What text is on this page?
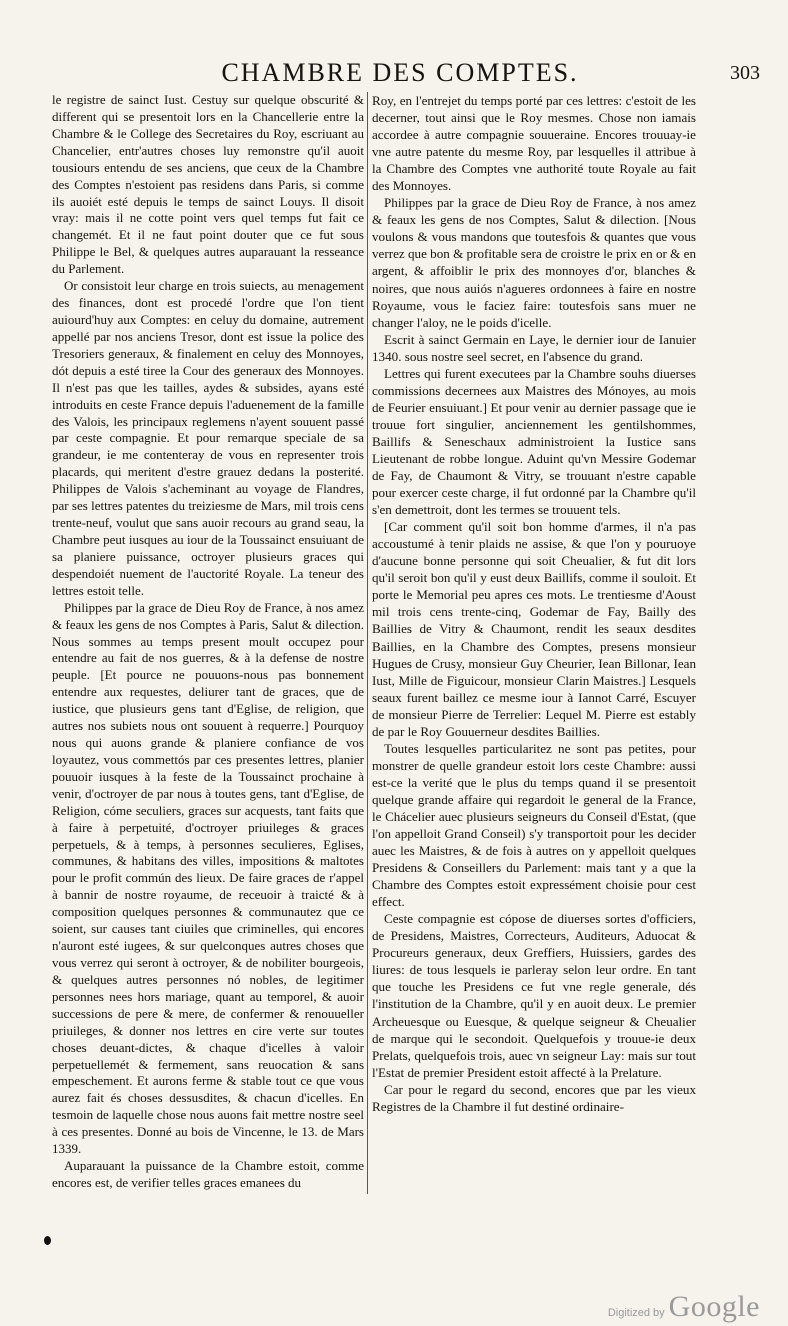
CHAMBRE DES COMPTES.	303

le registre de sainct Iust. Cestuy sur quelque obscurité & different qui se presentoit lors en la Chancellerie entre la Chambre & le College des Secretaires du Roy, escriuant au Chancelier, entr'autres choses luy remonstre qu'il auoit tousiours entendu de ses anciens, que ceux de la Chambre des Comptes n'estoient pas residens dans Paris, si comme ils auoiét esté depuis le temps de sainct Louys. Il disoit vray: mais il ne cotte point vers quel temps fut fait ce changemét. Et il ne faut point douter que ce fut sous Philippe le Bel, & quelques autres auparauant la resseance du Parlement.

Or consistoit leur charge en trois suiects, au menagement des finances, dont est procedé l'ordre que l'on tient auiourd'huy aux Comptes: en celuy du domaine, autrement appellé par nos anciens Tresor, dont est issue la police des Tresoriers generaux, & finalement en celuy des Monnoyes, dót depuis a esté tiree la Cour des generaux des Monnoyes. Il n'est pas que les tailles, aydes & subsides, ayans esté introduits en ceste France depuis l'aduenement de la famille des Valois, les principaux reglemens n'ayent souuent passé par ceste compagnie. Et pour remarque speciale de sa grandeur, ie me contenteray de vous en representer trois placards, qui meritent d'estre grauez dedans la posterité. Philippes de Valois s'acheminant au voyage de Flandres, par ses lettres patentes du treiziesme de Mars, mil trois cens trente-neuf, voulut que sans auoir recours au grand seau, la Chambre peut iusques au iour de la Toussainct ensuiuant de sa planiere puissance, octroyer plusieurs graces qui despendoiét nuement de l'auctorité Royale. La teneur des lettres estoit telle.

Philippes par la grace de Dieu Roy de France, à nos amez & feaux les gens de nos Comptes à Paris, Salut & dilection. Nous sommes au temps present moult occupez pour entendre au fait de nos guerres, & à la defense de nostre peuple. [Et pource ne pouuons-nous pas bonnement entendre aux requestes, deliurer tant de graces, que de iustice, que plusieurs gens tant d'Eglise, de religion, que autres nos subiets nous ont souuent à requerre.] Pourquoy nous qui auons grande & planiere confiance de vos loyautez, vous commettós par ces presentes lettres, planier pouuoir iusques à la feste de la Toussainct prochaine à venir, d'octroyer de par nous à toutes gens, tant d'Eglise, de Religion, cóme seculiers, graces sur acquests, tant faits que à faire à perpetuité, d'octroyer priuileges & graces perpetuels, & à temps, à personnes seculieres, Eglises, communes, & habitans des villes, impositions & maltotes pour le profit commún des lieux. De faire graces de r'appel à bannir de nostre royaume, de receuoir à traicté & à composition quelques personnes & communautez que ce soient, sur causes tant ciuiles que criminelles, qui encores n'auront esté iugees, & sur quelconques autres choses que vous verrez qui seront à octroyer, & de nobiliter bourgeois, & quelques autres personnes nó nobles, de legitimer personnes nees hors mariage, quant au temporel, & auoir successions de pere & mere, de confermer & renouueller priuileges, & donner nos lettres en cire verte sur toutes choses deuant-dictes, & chaque d'icelles à valoir perpetuellemét & fermement, sans reuocation & sans empeschement. Et aurons ferme & stable tout ce que vous aurez fait és choses dessusdites, & chacun d'icelles. En tesmoin de laquelle chose nous auons fait mettre nostre seel à ces presentes. Donné au bois de Vincenne, le 13. de Mars 1339.

Auparauant la puissance de la Chambre estoit, comme encores est, de verifier telles graces emanees du

Roy, en l'entrejet du temps porté par ces lettres: c'estoit de les decerner, tout ainsi que le Roy mesmes. Chose non iamais accordee à autre compagnie souueraine. Encores trouuay-ie vne autre patente du mesme Roy, par lesquelles il attribue à la Chambre des Comptes vne authorité toute Royale au fait des Monnoyes.

Philippes par la grace de Dieu Roy de France, à nos amez & feaux les gens de nos Comptes, Salut & dilection. [Nous voulons & vous mandons que toutesfois & quantes que vous verrez que bon & profitable sera de croistre le prix en or & en argent, & affoiblir le prix des monnoyes d'or, blanches & noires, que nous auiós n'agueres ordonnees à faire en nostre Royaume, vous le faciez faire: toutesfois sans muer ne changer l'aloy, ne le poids d'icelle.

Escrit à sainct Germain en Laye, le dernier iour de Ianuier 1340. sous nostre seel secret, en l'absence du grand.

Lettres qui furent executees par la Chambre souhs diuerses commissions decernees aux Maistres des Mónoyes, au mois de Feurier ensuiuant.] Et pour venir au dernier passage que ie trouue fort singulier, anciennement les gentilshommes, Baillifs & Seneschaux administroient la Iustice sans Lieutenant de robbe longue. Aduint qu'vn Messire Godemar de Fay, de Chaumont & Vitry, se trouuant n'estre capable pour exercer ceste charge, il fut ordonné par la Chambre qu'il s'en demettroit, dont les termes se trouuent tels.

[Car comment qu'il soit bon homme d'armes, il n'a pas accoustumé à tenir plaids ne assise, & que l'on y pouruoye d'aucune bonne personne qui soit Cheualier, & fut dit lors qu'il seroit bon qu'il y eust deux Baillifs, comme il souloit. Et porte le Memorial peu apres ces mots. Le trentiesme d'Aoust mil trois cens trente-cinq, Godemar de Fay, Bailly des Baillies de Vitry & Chaumont, rendit les seaux desdites Baillies, en la Chambre des Comptes, presens monsieur Hugues de Crusy, monsieur Guy Cheurier, Iean Billonar, Iean Iust, Mille de Figuicour, monsieur Clarin Maistres.] Lesquels seaux furent baillez ce mesme iour à Iannot Carré, Escuyer de monsieur Pierre de Terrelier: Lequel M. Pierre est estably de par le Roy Gouuerneur desdites Baillies.

Toutes lesquelles particularitez ne sont pas petites, pour monstrer de quelle grandeur estoit lors ceste Chambre: aussi est-ce la verité que le plus du temps quand il se presentoit quelque grande affaire qui regardoit le general de la France, le Chácelier auec plusieurs seigneurs du Conseil d'Estat, (que l'on appelloit Grand Conseil) s'y transportoit pour les decider auec les Maistres, & de fois à autres on y appelloit quelques Presidens & Conseillers du Parlement: mais tant y a que la Chambre des Comptes estoit expressément choisie pour cest effect.

Ceste compagnie est cópose de diuerses sortes d'officiers, de Presidens, Maistres, Correcteurs, Auditeurs, Aduocat & Procureurs generaux, deux Greffiers, Huissiers, gardes des liures: de tous lesquels ie parleray selon leur ordre. En tant que touche les Presidens ce fut vne regle generale, dés l'institution de la Chambre, qu'il y en auoit deux. Le premier Archeuesque ou Euesque, & quelque seigneur & Cheualier de marque qui le secondoit. Quelquefois y trouue-ie deux Prelats, quelquefois trois, auec vn seigneur Lay: mais sur tout l'Estat de premier President estoit affecté à la Prelature.

Car pour le regard du second, encores que par les vieux Registres de la Chambre il fut destiné ordinaire-

Digitized by Google
